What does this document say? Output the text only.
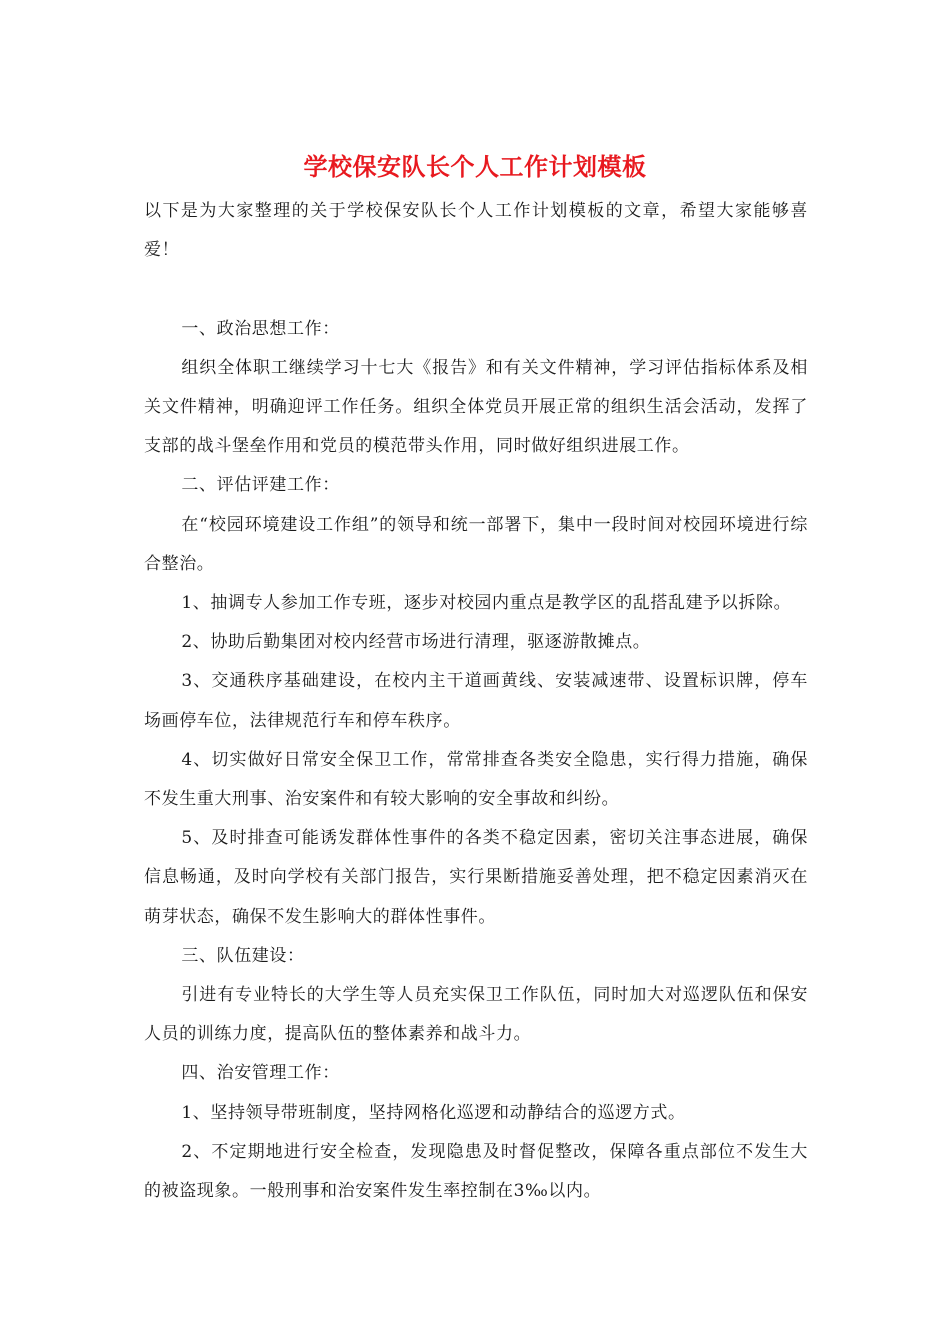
学校保安队长个人工作计划模板

以下是为大家整理的关于学校保安队长个人工作计划模板的文章，希望大家能够喜爱！

一、政治思想工作：

组织全体职工继续学习十七大《报告》和有关文件精神，学习评估指标体系及相关文件精神，明确迎评工作任务。组织全体党员开展正常的组织生活会活动，发挥了支部的战斗堡垒作用和党员的模范带头作用，同时做好组织进展工作。

二、评估评建工作：

在“校园环境建设工作组”的领导和统一部署下，集中一段时间对校园环境进行综合整治。

1、抽调专人参加工作专班，逐步对校园内重点是教学区的乱搭乱建予以拆除。

2、协助后勤集团对校内经营市场进行清理，驱逐游散摊点。

3、交通秩序基础建设，在校内主干道画黄线、安装减速带、设置标识牌，停车场画停车位，法律规范行车和停车秩序。

4、切实做好日常安全保卫工作，常常排查各类安全隐患，实行得力措施，确保不发生重大刑事、治安案件和有较大影响的安全事故和纠纷。

5、及时排查可能诱发群体性事件的各类不稳定因素，密切关注事态进展，确保信息畅通，及时向学校有关部门报告，实行果断措施妥善处理，把不稳定因素消灭在萌芽状态，确保不发生影响大的群体性事件。

三、队伍建设：

引进有专业特长的大学生等人员充实保卫工作队伍，同时加大对巡逻队伍和保安人员的训练力度，提高队伍的整体素养和战斗力。

四、治安管理工作：

1、坚持领导带班制度，坚持网格化巡逻和动静结合的巡逻方式。

2、不定期地进行安全检查，发现隐患及时督促整改，保障各重点部位不发生大的被盗现象。一般刑事和治安案件发生率控制在3‰以内。
